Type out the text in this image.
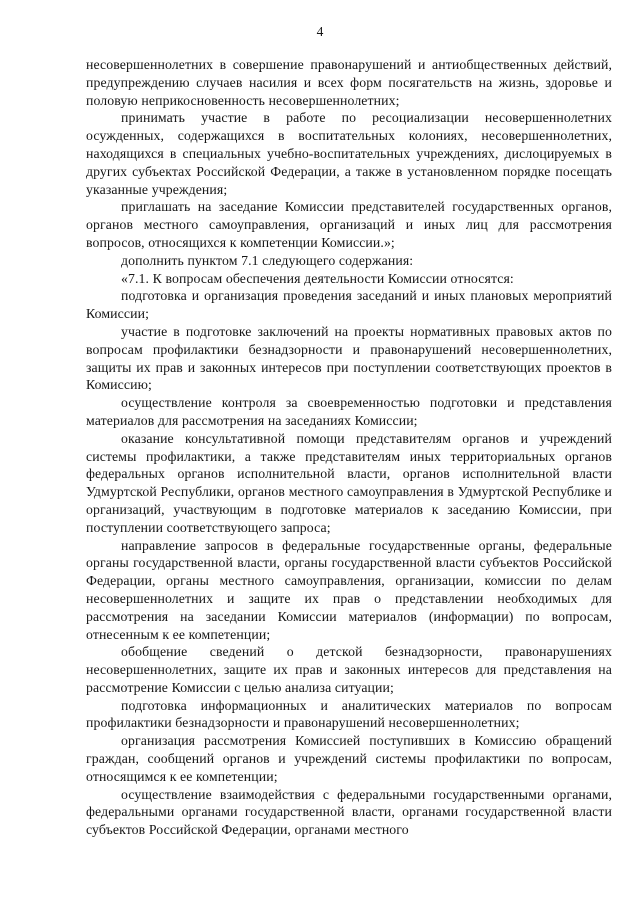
4

несовершеннолетних в совершение правонарушений и антиобщественных действий, предупреждению случаев насилия и всех форм посягательств на жизнь, здоровье и половую неприкосновенность несовершеннолетних;

принимать участие в работе по ресоциализации несовершеннолетних осужденных, содержащихся в воспитательных колониях, несовершеннолетних, находящихся в специальных учебно-воспитательных учреждениях, дислоцируемых в других субъектах Российской Федерации, а также в установленном порядке посещать указанные учреждения;

приглашать на заседание Комиссии представителей государственных органов, органов местного самоуправления, организаций и иных лиц для рассмотрения вопросов, относящихся к компетенции Комиссии.»;

дополнить пунктом 7.1 следующего содержания:

«7.1. К вопросам обеспечения деятельности Комиссии относятся:

подготовка и организация проведения заседаний и иных плановых мероприятий Комиссии;

участие в подготовке заключений на проекты нормативных правовых актов по вопросам профилактики безнадзорности и правонарушений несовершеннолетних, защиты их прав и законных интересов при поступлении соответствующих проектов в Комиссию;

осуществление контроля за своевременностью подготовки и представления материалов для рассмотрения на заседаниях Комиссии;

оказание консультативной помощи представителям органов и учреждений системы профилактики, а также представителям иных территориальных органов федеральных органов исполнительной власти, органов исполнительной власти Удмуртской Республики, органов местного самоуправления в Удмуртской Республике и организаций, участвующим в подготовке материалов к заседанию Комиссии, при поступлении соответствующего запроса;

направление запросов в федеральные государственные органы, федеральные органы государственной власти, органы государственной власти субъектов Российской Федерации, органы местного самоуправления, организации, комиссии по делам несовершеннолетних и защите их прав о представлении необходимых для рассмотрения на заседании Комиссии материалов (информации) по вопросам, отнесенным к ее компетенции;

обобщение сведений о детской безнадзорности, правонарушениях несовершеннолетних, защите их прав и законных интересов для представления на рассмотрение Комиссии с целью анализа ситуации;

подготовка информационных и аналитических материалов по вопросам профилактики безнадзорности и правонарушений несовершеннолетних;

организация рассмотрения Комиссией поступивших в Комиссию обращений граждан, сообщений органов и учреждений системы профилактики по вопросам, относящимся к ее компетенции;

осуществление взаимодействия с федеральными государственными органами, федеральными органами государственной власти, органами государственной власти субъектов Российской Федерации, органами местного
